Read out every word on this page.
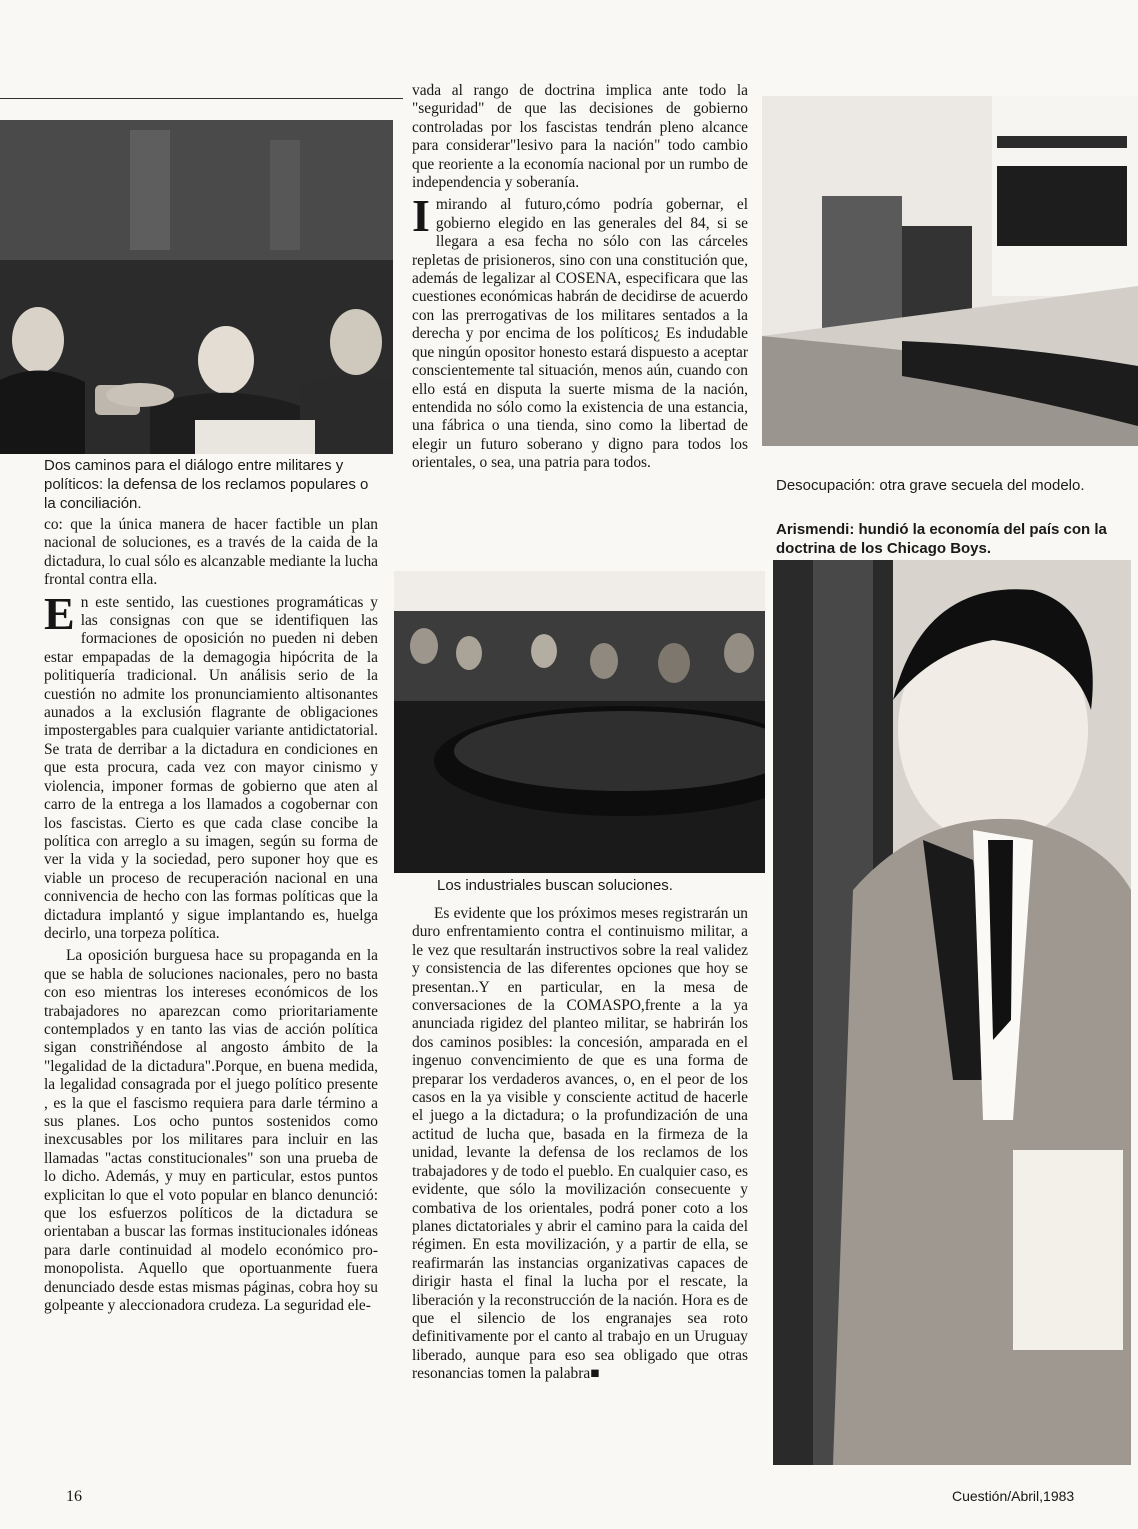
Dos caminos para el diálogo entre militares y políticos: la defensa de los reclamos populares o la conciliación.

co: que la única manera de hacer factible un plan nacional de soluciones, es a través de la caida de la dictadura, lo cual sólo es alcanzable mediante la lucha frontal contra ella.

En este sentido, las cuestiones programáticas y las consignas con que se identifiquen las formaciones de oposición no pueden ni deben estar empapadas de la demagogia hipócrita de la politiquería tradicional. Un análisis serio de la cuestión no admite los pronunciamiento altisonantes aunados a la exclusión flagrante de obligaciones impostergables para cualquier variante antidictatorial. Se trata de derribar a la dictadura en condiciones en que esta procura, cada vez con mayor cinismo y violencia, imponer formas de gobierno que aten al carro de la entrega a los llamados a cogobernar con los fascistas. Cierto es que cada clase concibe la política con arreglo a su imagen, según su forma de ver la vida y la sociedad, pero suponer hoy que es viable un proceso de recuperación nacional en una connivencia de hecho con las formas políticas que la dictadura implantó y sigue implantando es, huelga decirlo, una torpeza política.

La oposición burguesa hace su propaganda en la que se habla de soluciones nacionales, pero no basta con eso mientras los intereses económicos de los trabajadores no aparezcan como prioritariamente contemplados y en tanto las vias de acción política sigan constriñéndose al angosto ámbito de la "legalidad de la dictadura".Porque, en buena medida, la legalidad consagrada por el juego político presente , es la que el fascismo requiera para darle término a sus planes. Los ocho puntos sostenidos como inexcusables por los militares para incluir en las llamadas "actas constitucionales" son una prueba de lo dicho. Además, y muy en particular, estos puntos explicitan lo que el voto popular en blanco denunció: que los esfuerzos políticos de la dictadura se orientaban a buscar las formas institucionales idóneas para darle continuidad al modelo económico pro-monopolista. Aquello que oportuanmente fuera denunciado desde estas mismas páginas, cobra hoy su golpeante y aleccionadora crudeza. La seguridad ele-

vada al rango de doctrina implica ante todo la "seguridad" de que las decisiones de gobierno controladas por los fascistas tendrán pleno alcance para considerar"lesivo para la nación" todo cambio que reoriente a la economía nacional por un rumbo de independencia y soberanía.

Imirando al futuro,cómo podría gobernar, el gobierno elegido en las generales del 84, si se llegara a esa fecha no sólo con las cárceles repletas de prisioneros, sino con una constitución que, además de legalizar al COSENA, especificara que las cuestiones económicas habrán de decidirse de acuerdo con las prerrogativas de los militares sentados a la derecha y por encima de los políticos¿ Es indudable que ningún opositor honesto estará dispuesto a aceptar conscientemente tal situación, menos aún, cuando con ello está en disputa la suerte misma de la nación, entendida no sólo como la existencia de una estancia, una fábrica o una tienda, sino como la libertad de elegir un futuro soberano y digno para todos los orientales, o sea, una patria para todos.

Los industriales buscan soluciones.

Es evidente que los próximos meses registrarán un duro enfrentamiento contra el continuismo militar, a le vez que resultarán instructivos sobre la real validez y consistencia de las diferentes opciones que hoy se presentan..Y en particular, en la mesa de conversaciones de la COMASPO,frente a la ya anunciada rigidez del planteo militar, se habrirán los dos caminos posibles: la concesión, amparada en el ingenuo convencimiento de que es una forma de preparar los verdaderos avances, o, en el peor de los casos en la ya visible y consciente actitud de hacerle el juego a la dictadura; o la profundización de una actitud de lucha que, basada en la firmeza de la unidad, levante la defensa de los reclamos de los trabajadores y de todo el pueblo. En cualquier caso, es evidente, que sólo la movilización consecuente y combativa de los orientales, podrá poner coto a los planes dictatoriales y abrir el camino para la caida del régimen. En esta movilización, y a partir de ella, se reafirmarán las instancias organizativas capaces de dirigir hasta el final la lucha por el rescate, la liberación y la reconstrucción de la nación. Hora es de que el silencio de los engranajes sea roto definitivamente por el canto al trabajo en un Uruguay liberado, aunque para eso sea obligado que otras resonancias tomen la palabra■

Desocupación: otra grave secuela del modelo.
Arismendi: hundió la economía del país con la doctrina de los Chicago Boys.
16	Cuestión/Abril,1983
